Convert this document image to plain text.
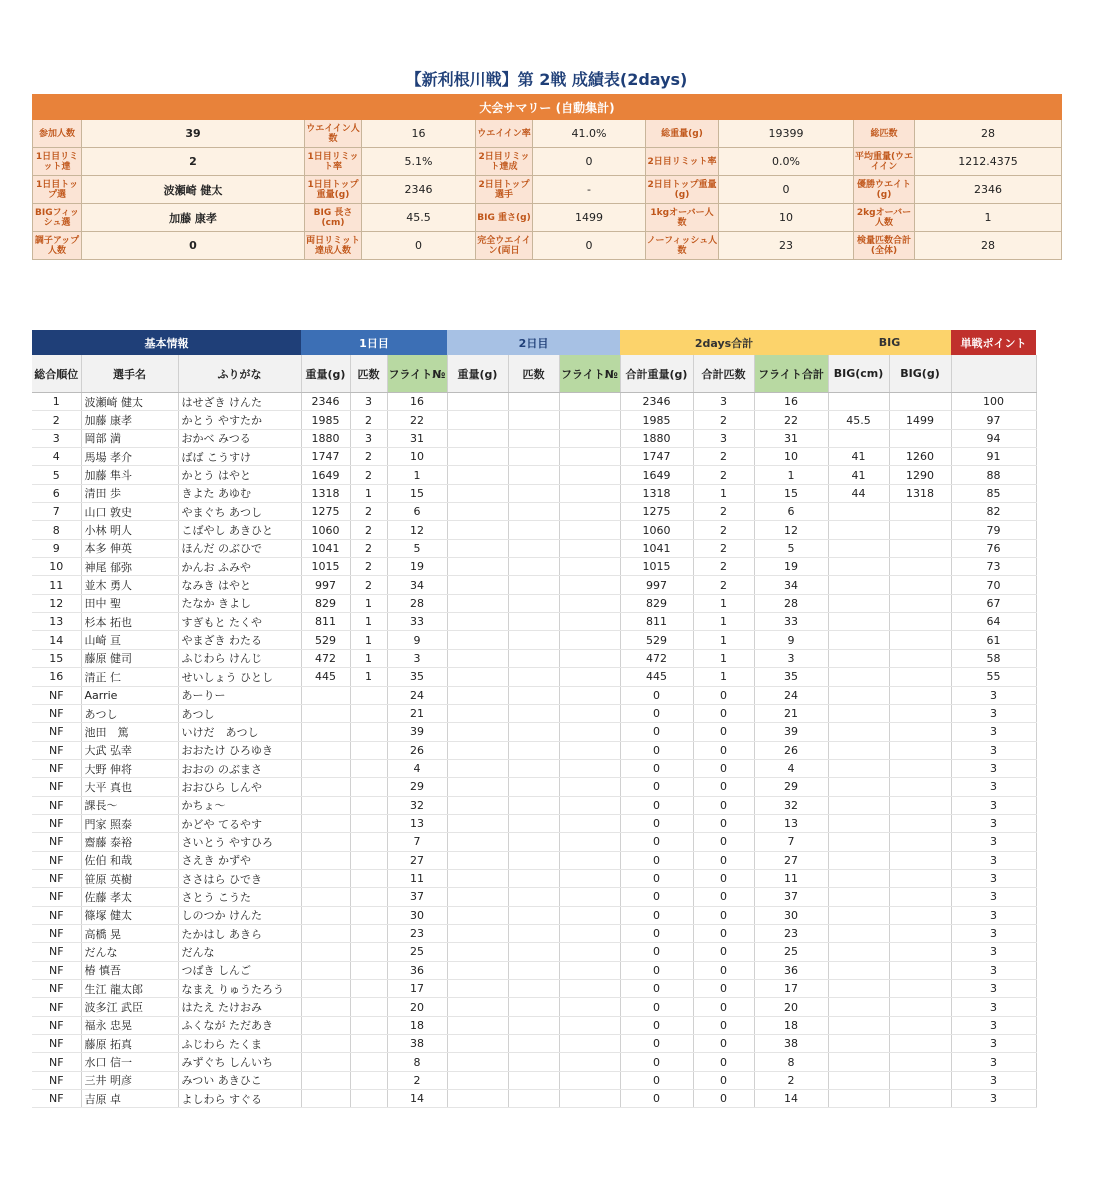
【新利根川戦】第 2戦 成績表(2days)
大会サマリー (自動集計)									
参加人数	39	ウエイイン人数	16	ウエイイン率	41.0%	総重量(g)	19399	総匹数	28
1日目リミット達	2	1日目リミット率	5.1%	2日目リミット達成	0	2日目リミット率	0.0%	平均重量(ウエイイン	1212.4375
1日目トップ選	波瀬崎 健太	1日目トップ重量(g)	2346	2日目トップ選手	-	2日目トップ重量(g)	0	優勝ウエイト(g)	2346
BIGフィッシュ選	加藤 康孝	BIG 長さ(cm)	45.5	BIG 重さ(g)	1499	1kgオーバー人数	10	2kgオーバー人数	1
調子アップ人数	0	両日リミット達成人数	0	完全ウエイイン(両日	0	ノーフィッシュ人数	23	検量匹数合計(全体)	28
基本情報			1日目			2日目			2days合計			BIG		単戦ポイント
総合順位	選手名	ふりがな	重量(g)	匹数	フライト№	重量(g)	匹数	フライト№	合計重量(g)	合計匹数	フライト合計	BIG(cm)	BIG(g)	
1	波瀬崎 健太	はせざき けんた	2346	3	16				2346	3	16			100
2	加藤 康孝	かとう やすたか	1985	2	22				1985	2	22	45.5	1499	97
3	岡部 満	おかべ みつる	1880	3	31				1880	3	31			94
4	馬場 孝介	ばば こうすけ	1747	2	10				1747	2	10	41	1260	91
5	加藤 隼斗	かとう はやと	1649	2	1				1649	2	1	41	1290	88
6	清田 歩	きよた あゆむ	1318	1	15				1318	1	15	44	1318	85
7	山口 敦史	やまぐち あつし	1275	2	6				1275	2	6			82
8	小林 明人	こばやし あきひと	1060	2	12				1060	2	12			79
9	本多 伸英	ほんだ のぶひで	1041	2	5				1041	2	5			76
10	神尾 郁弥	かんお ふみや	1015	2	19				1015	2	19			73
11	並木 勇人	なみき はやと	997	2	34				997	2	34			70
12	田中 聖	たなか きよし	829	1	28				829	1	28			67
13	杉本 拓也	すぎもと たくや	811	1	33				811	1	33			64
14	山崎 亘	やまざき わたる	529	1	9				529	1	9			61
15	藤原 健司	ふじわら けんじ	472	1	3				472	1	3			58
16	清正 仁	せいしょう ひとし	445	1	35				445	1	35			55
NF	Aarrie	あーりー			24				0	0	24			3
NF	あつし	あつし			21				0	0	21			3
NF	池田　篤	いけだ　あつし			39				0	0	39			3
NF	大武 弘幸	おおたけ ひろゆき			26				0	0	26			3
NF	大野 伸将	おおの のぶまさ			4				0	0	4			3
NF	大平 真也	おおひら しんや			29				0	0	29			3
NF	課長～	かちょ～			32				0	0	32			3
NF	門家 照泰	かどや てるやす			13				0	0	13			3
NF	齋藤 泰裕	さいとう やすひろ			7				0	0	7			3
NF	佐伯 和哉	さえき かずや			27				0	0	27			3
NF	笹原 英樹	ささはら ひでき			11				0	0	11			3
NF	佐藤 孝太	さとう こうた			37				0	0	37			3
NF	篠塚 健太	しのつか けんた			30				0	0	30			3
NF	高橋 晃	たかはし あきら			23				0	0	23			3
NF	だんな	だんな			25				0	0	25			3
NF	椿 慎吾	つばき しんご			36				0	0	36			3
NF	生江 龍太郎	なまえ りゅうたろう			17				0	0	17			3
NF	波多江 武臣	はたえ たけおみ			20				0	0	20			3
NF	福永 忠晃	ふくなが ただあき			18				0	0	18			3
NF	藤原 拓真	ふじわら たくま			38				0	0	38			3
NF	水口 信一	みずぐち しんいち			8				0	0	8			3
NF	三井 明彦	みつい あきひこ			2				0	0	2			3
NF	吉原 卓	よしわら すぐる			14				0	0	14			3
